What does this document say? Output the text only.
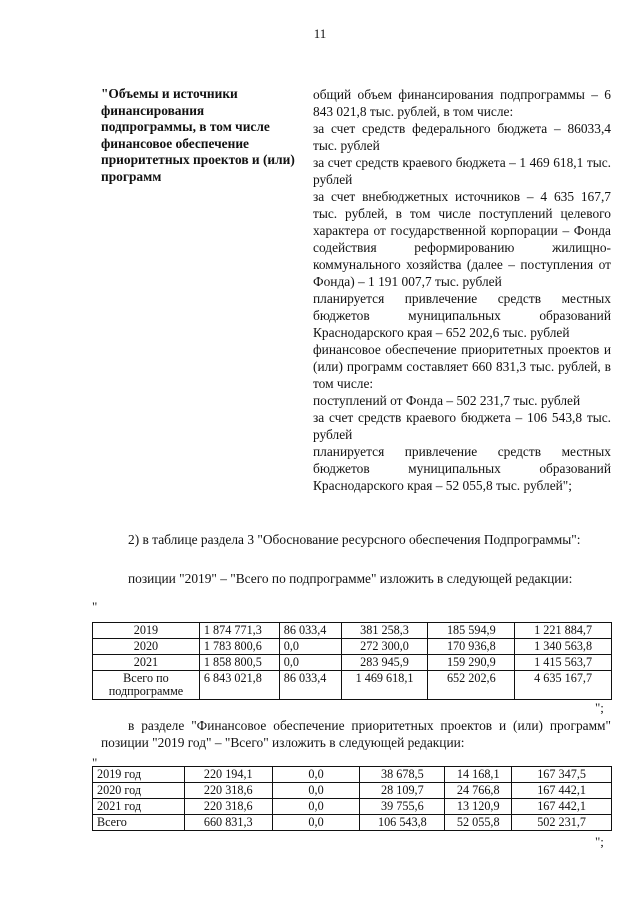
11
"Объемы и источники финансирования подпрограммы, в том числе финансовое обеспечение приоритетных проектов и (или) программ

общий объем финансирования подпрограммы – 6 843 021,8 тыс. рублей, в том числе:

за счет средств федерального бюджета – 86033,4 тыс. рублей

за счет средств краевого бюджета – 1 469 618,1 тыс. рублей

за счет внебюджетных источников – 4 635 167,7 тыс. рублей, в том числе поступлений целевого характера от государственной корпорации – Фонда содействия реформированию жилищно-коммунального хозяйства (далее – поступления от Фонда) – 1 191 007,7 тыс. рублей

планируется привлечение средств местных бюджетов муниципальных образований Краснодарского края – 652 202,6 тыс. рублей

финансовое обеспечение приоритетных проектов и (или) программ составляет 660 831,3 тыс. рублей, в том числе:

поступлений от Фонда – 502 231,7 тыс. рублей

за счет средств краевого бюджета – 106 543,8 тыс. рублей

планируется привлечение средств местных бюджетов муниципальных образований Краснодарского края – 52 055,8 тыс. рублей";

2) в таблице раздела 3 "Обоснование ресурсного обеспечения Подпрограммы":
позиции "2019" – "Всего по подпрограмме" изложить в следующей редакции:
"
2019	1 874 771,3	86 033,4	381 258,3	185 594,9	1 221 884,7
2020	1 783 800,6	0,0	272 300,0	170 936,8	1 340 563,8
2021	1 858 800,5	0,0	283 945,9	159 290,9	1 415 563,7
Всего по подпрограмме	6 843 021,8	86 033,4	1 469 618,1	652 202,6	4 635 167,7
";
в разделе "Финансовое обеспечение приоритетных проектов и (или) программ" позиции "2019 год" – "Всего" изложить в следующей редакции:
"
2019 год	220 194,1	0,0	38 678,5	14 168,1	167 347,5
2020 год	220 318,6	0,0	28 109,7	24 766,8	167 442,1
2021 год	220 318,6	0,0	39 755,6	13 120,9	167 442,1
Всего	660 831,3	0,0	106 543,8	52 055,8	502 231,7
";
